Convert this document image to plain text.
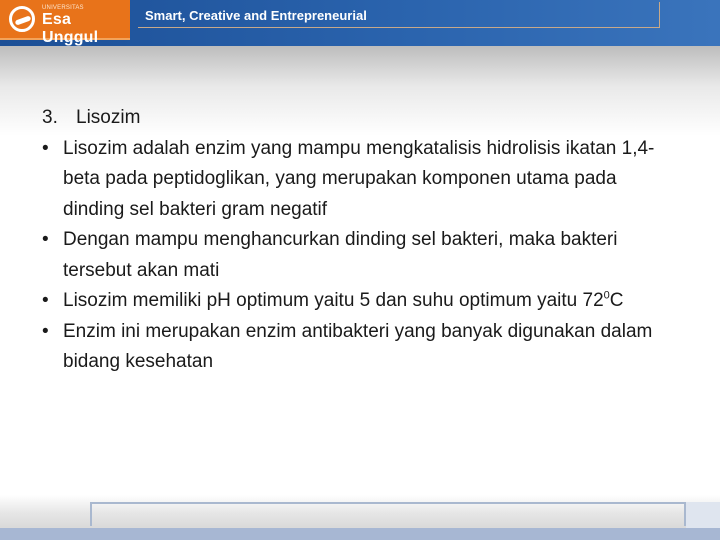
UNIVERSITAS
Esa Unggul
Smart, Creative and Entrepreneurial

3. Lisozim

• Lisozim adalah enzim yang mampu mengkatalisis hidrolisis ikatan 1,4-beta pada peptidoglikan, yang merupakan komponen utama pada dinding sel bakteri gram negatif
• Dengan mampu menghancurkan dinding sel bakteri, maka bakteri tersebut akan mati
• Lisozim memiliki pH optimum yaitu 5 dan suhu optimum yaitu $72^0C$
• Enzim ini merupakan enzim antibakteri yang banyak digunakan dalam bidang kesehatan
